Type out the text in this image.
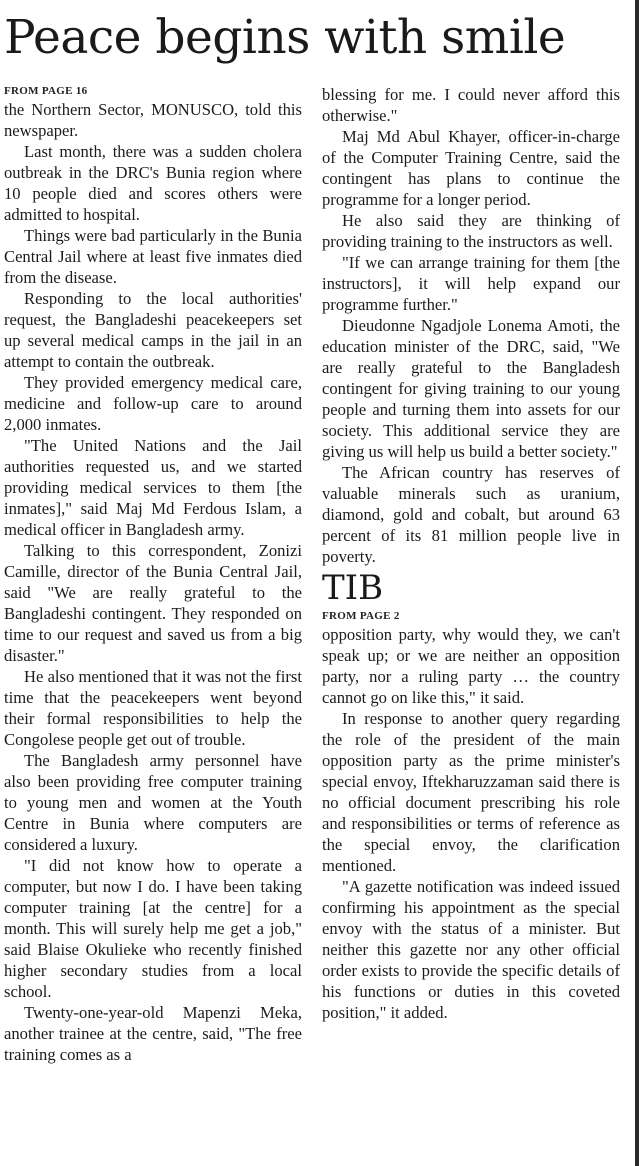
Peace begins with smile
FROM PAGE 16

the Northern Sector, MONUSCO, told this newspaper.

Last month, there was a sudden cholera outbreak in the DRC's Bunia region where 10 people died and scores others were admitted to hospital.

Things were bad particularly in the Bunia Central Jail where at least five inmates died from the disease.

Responding to the local authorities' request, the Bangladeshi peacekeepers set up several medical camps in the jail in an attempt to contain the outbreak.

They provided emergency medical care, medicine and follow-up care to around 2,000 inmates.

"The United Nations and the Jail authorities requested us, and we started providing medical services to them [the inmates]," said Maj Md Ferdous Islam, a medical officer in Bangladesh army.

Talking to this correspondent, Zonizi Camille, director of the Bunia Central Jail, said "We are really grateful to the Bangladeshi contingent. They responded on time to our request and saved us from a big disaster."

He also mentioned that it was not the first time that the peacekeepers went beyond their formal responsibilities to help the Congolese people get out of trouble.

The Bangladesh army personnel have also been providing free computer training to young men and women at the Youth Centre in Bunia where computers are considered a luxury.

"I did not know how to operate a computer, but now I do. I have been taking computer training [at the centre] for a month. This will surely help me get a job," said Blaise Okulieke who recently finished higher secondary studies from a local school.

Twenty-one-year-old Mapenzi Meka, another trainee at the centre, said, "The free training comes as a

blessing for me. I could never afford this otherwise."

Maj Md Abul Khayer, officer-in-charge of the Computer Training Centre, said the contingent has plans to continue the programme for a longer period.

He also said they are thinking of providing training to the instructors as well.

"If we can arrange training for them [the instructors], it will help expand our programme further."

Dieudonne Ngadjole Lonema Amoti, the education minister of the DRC, said, "We are really grateful to the Bangladesh contingent for giving training to our young people and turning them into assets for our society. This additional service they are giving us will help us build a better society."

The African country has reserves of valuable minerals such as uranium, diamond, gold and cobalt, but around 63 percent of its 81 million people live in poverty.

TIB
FROM PAGE 2

opposition party, why would they, we can't speak up; or we are neither an opposition party, nor a ruling party … the country cannot go on like this," it said.

In response to another query regarding the role of the president of the main opposition party as the prime minister's special envoy, Iftekharuzzaman said there is no official document prescribing his role and responsibilities or terms of reference as the special envoy, the clarification mentioned.

"A gazette notification was indeed issued confirming his appointment as the special envoy with the status of a minister. But neither this gazette nor any other official order exists to provide the specific details of his functions or duties in this coveted position," it added.
